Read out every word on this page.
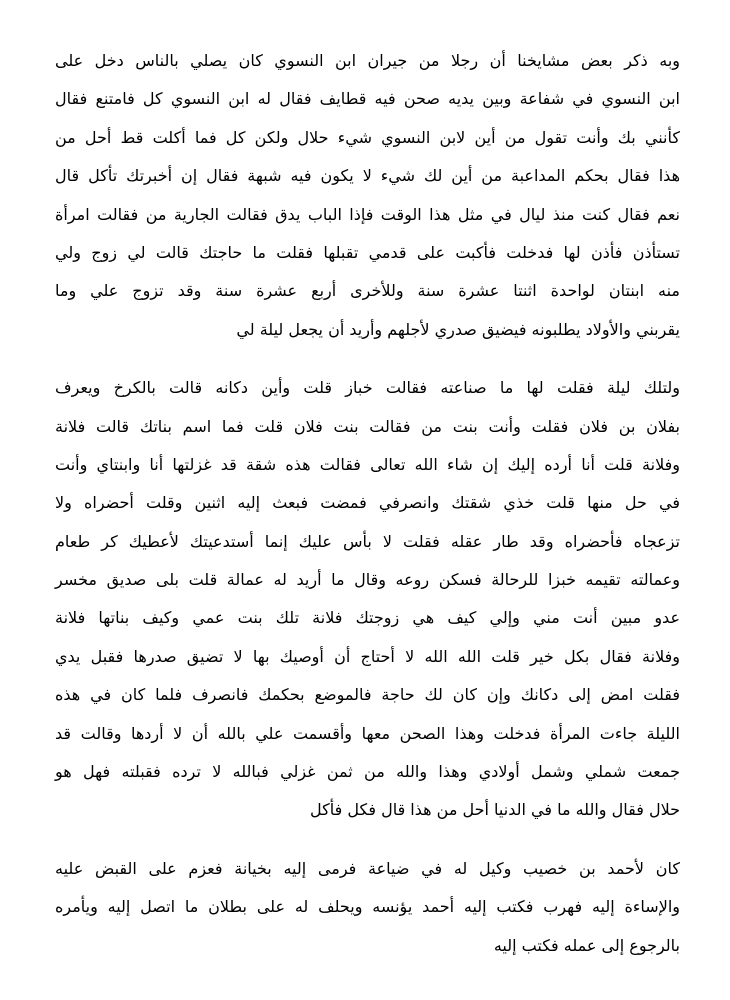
وبه ذكر بعض مشايخنا أن رجلا من جيران ابن النسوي كان يصلي بالناس دخل على
ابن النسوي في شفاعة وبين يديه صحن فيه قطايف فقال له ابن النسوي كل فامتنع فقال
كأنني بك وأنت تقول من أين لابن النسوي شيء حلال ولكن كل فما أكلت قط أحل من
هذا فقال بحكم المداعبة من أين لك شيء لا يكون فيه شبهة فقال إن أخبرتك تأكل قال
نعم فقال كنت منذ ليال في مثل هذا الوقت فإذا الباب يدق فقالت الجارية من فقالت امرأة
تستأذن فأذن لها فدخلت فأكبت على قدمي تقبلها فقلت ما حاجتك قالت لي زوج ولي
منه ابنتان لواحدة اثنتا عشرة سنة وللأخرى أربع عشرة سنة وقد تزوج علي وما
يقربني والأولاد يطلبونه فيضيق صدري لأجلهم وأريد أن يجعل ليلة لي
ولتلك ليلة فقلت لها ما صناعته فقالت خباز قلت وأين دكانه قالت بالكرخ ويعرف
بفلان بن فلان فقلت وأنت بنت من فقالت بنت فلان قلت فما اسم بناتك قالت فلانة
وفلانة قلت أنا أرده إليك إن شاء الله تعالى فقالت هذه شقة قد غزلتها أنا وابنتاي وأنت
في حل منها قلت خذي شقتك وانصرفي فمضت فبعث إليه اثنين وقلت أحضراه ولا
تزعجاه فأحضراه وقد طار عقله فقلت لا بأس عليك إنما أستدعيتك لأعطيك كر طعام
وعمالته تقيمه خبزا للرحالة فسكن روعه وقال ما أريد له عمالة قلت بلى صديق مخسر
عدو مبين أنت مني وإلي كيف هي زوجتك فلانة تلك بنت عمي وكيف بناتها فلانة
وفلانة فقال بكل خير قلت الله الله لا أحتاج أن أوصيك بها لا تضيق صدرها فقبل يدي
فقلت امض إلى دكانك وإن كان لك حاجة فالموضع بحكمك فانصرف فلما كان في هذه
الليلة جاءت المرأة فدخلت وهذا الصحن معها وأقسمت علي بالله أن لا أردها وقالت قد
جمعت شملي وشمل أولادي وهذا والله من ثمن غزلي فبالله لا ترده فقبلته فهل هو
حلال فقال والله ما في الدنيا أحل من هذا قال فكل فأكل
كان لأحمد بن خصيب وكيل له في ضياعة فرمى إليه بخيانة فعزم على القبض عليه
والإساءة إليه فهرب فكتب إليه أحمد يؤنسه ويحلف له على بطلان ما اتصل إليه ويأمره
بالرجوع إلى عمله فكتب إليه
